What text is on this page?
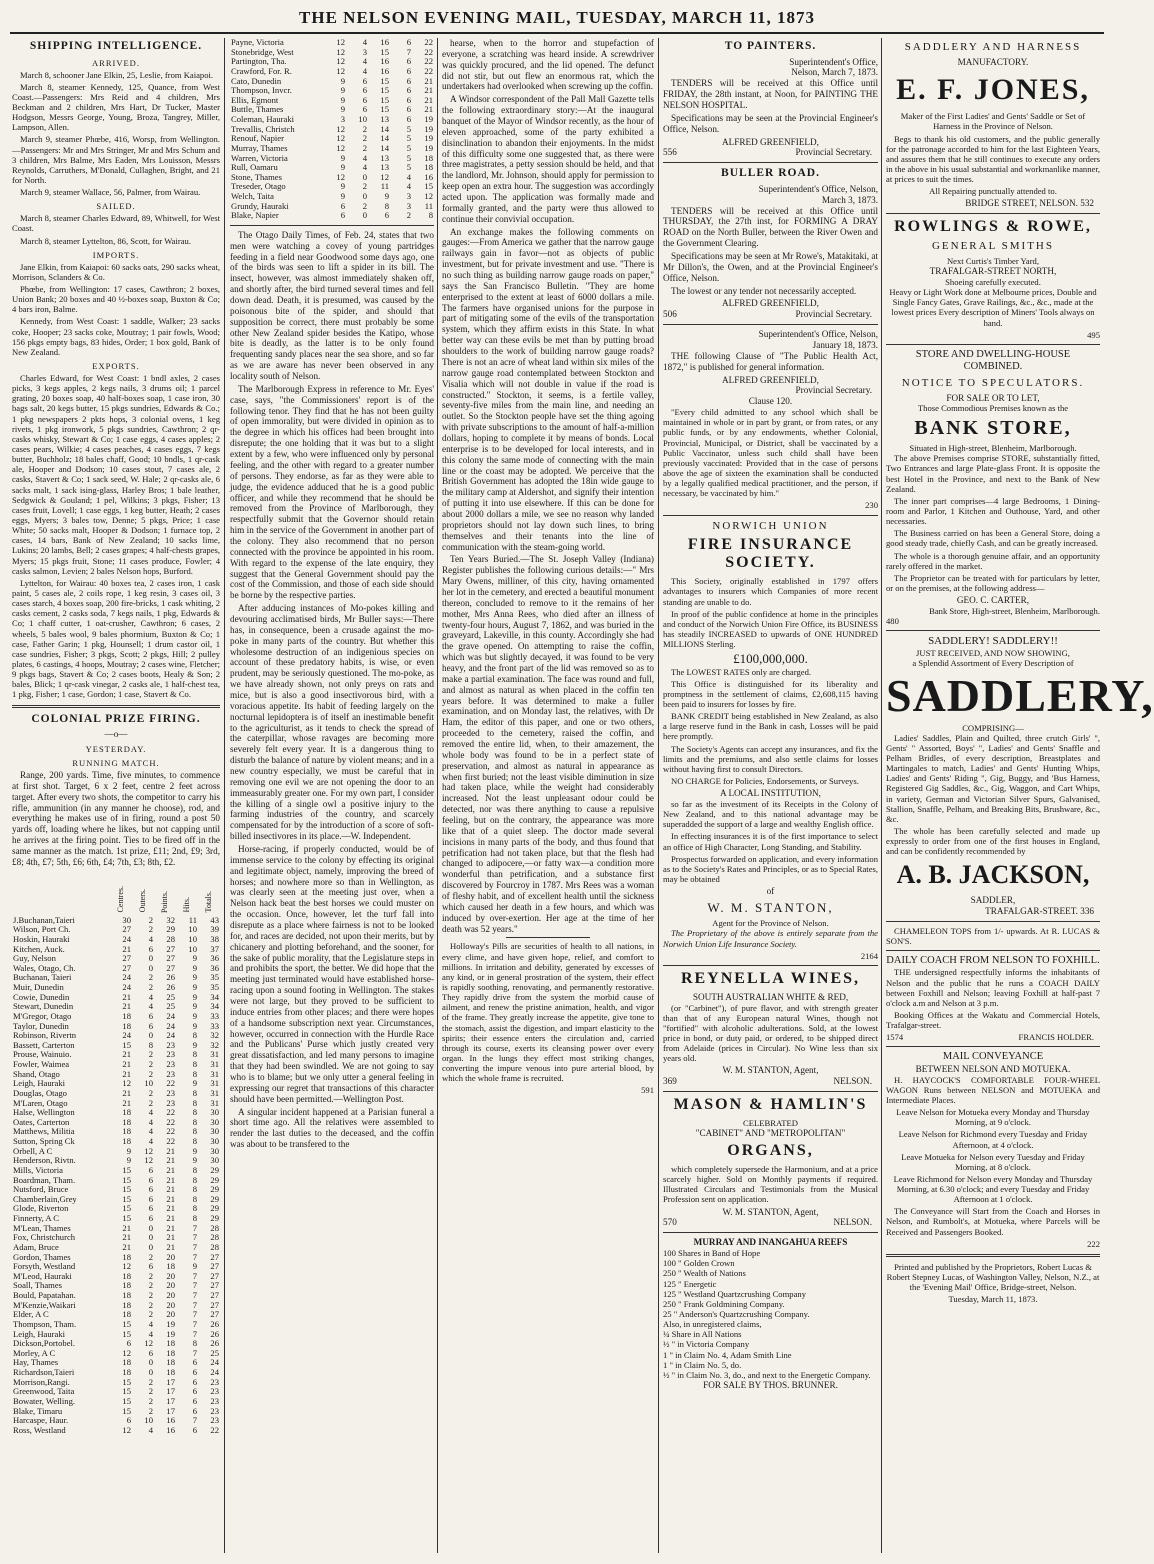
THE NELSON EVENING MAIL, TUESDAY, MARCH 11, 1873
SHIPPING INTELLIGENCE.
ARRIVED.

March 8, schooner Jane Elkin, 25, Leslie, from Kaiapoi.

March 8, steamer Kennedy, 125, Quance, from West Coast.—Passengers: Mrs Reid and 4 children, Mrs Beckman and 2 children, Mrs Hart, Dr Tucker, Master Hodgson, Messrs George, Young, Broza, Tangrey, Miller, Lampson, Allen.

March 9, steamer Phœbe, 416, Worsp, from Wellington.—Passengers: Mr and Mrs Stringer, Mr and Mrs Schum and 3 children, Mrs Balme, Mrs Eaden, Mrs Louisson, Messrs Reynolds, Carruthers, M'Donald, Cullaghen, Bright, and 21 for North.

March 9, steamer Wallace, 56, Palmer, from Wairau.

SAILED.

March 8, steamer Charles Edward, 89, Whitwell, for West Coast.

March 8, steamer Lyttelton, 86, Scott, for Wairau.

IMPORTS.

Jane Elkin, from Kaiapoi: 60 sacks oats, 290 sacks wheat, Morrison, Sclanders & Co.

Phœbe, from Wellington: 17 cases, Cawthron; 2 boxes, Union Bank; 20 boxes and 40 ½-boxes soap, Buxton & Co; 4 bars iron, Balme.

Kennedy, from West Coast: 1 saddle, Walker; 23 sacks coke, Hooper; 23 sacks coke, Moutray; 1 pair fowls, Wood; 156 pkgs empty bags, 83 hides, Order; 1 box gold, Bank of New Zealand.

EXPORTS.

Charles Edward, for West Coast: 1 bndl axles, 2 cases picks, 3 kegs apples, 2 kegs nails, 3 drums oil; 1 parcel grating, 20 boxes soap, 40 half-boxes soap, 1 case iron, 30 bags salt, 20 kegs butter, 15 pkgs sundries, Edwards & Co.; 1 pkg newspapers 2 pkts hops, 3 colonial ovens, 1 keg rivets, 1 pkg ironwork, 5 pkgs sundries, Cawthron; 2 qr-casks whisky, Stewart & Co; 1 case eggs, 4 cases apples; 2 cases pears, Wilkie; 4 cases peaches, 4 cases eggs, 7 kegs butter, Buchholz; 18 bales chaff, Good; 10 bndls, 1 qr-cask ale, Hooper and Dodson; 10 cases stout, 7 cases ale, 2 casks, Stavert & Co; 1 sack seed, W. Hale; 2 qr-casks ale, 6 sacks malt, 1 sack ising-glass, Harley Bros; 1 bale leather, Sedgwick & Gouland; 1 pel, Wilkins; 3 pkgs, Fisher; 13 cases fruit, Lovell; 1 case eggs, 1 keg butter, Heath; 2 cases eggs, Myers; 3 bales tow, Denne; 5 pkgs, Price; 1 case White; 50 sacks malt, Hooper & Dodson; 1 furnace top, 2 cases, 14 bars, Bank of New Zealand; 10 sacks lime, Lukins; 20 lambs, Bell; 2 cases grapes; 4 half-chests grapes, Myers; 15 pkgs fruit, Stone; 11 cases produce, Fowler; 4 casks salmon, Levien; 2 bales Nelson hops, Burford.

Lyttelton, for Wairau: 40 boxes tea, 2 cases iron, 1 cask paint, 5 cases ale, 2 coils rope, 1 keg resin, 3 cases oil, 3 cases starch, 4 boxes soap, 200 fire-bricks, 1 cask whiting, 2 casks cement, 2 casks soda, 7 kegs nails, 1 pkg, Edwards & Co; 1 chaff cutter, 1 oat-crusher, Cawthron; 6 cases, 2 wheels, 5 bales wool, 9 bales phormium, Buxton & Co; 1 case, Father Garin; 1 pkg, Hounsell; 1 drum castor oil, 1 case sundries, Fisher; 3 pkgs, Scott; 2 pkgs, Hill; 2 pulley plates, 6 castings, 4 hoops, Moutray; 2 cases wine, Fletcher; 9 pkgs bags, Stavert & Co; 2 cases boots, Healy & Son; 2 bales, Blick; 1 qr-cask vinegar, 2 casks ale, 1 half-chest tea, 1 pkg, Fisher; 1 case, Gordon; 1 case, Stavert & Co.

COLONIAL PRIZE FIRING.
—o—
YESTERDAY.
RUNNING MATCH.

Range, 200 yards. Time, five minutes, to commence at first shot. Target, 6 x 2 feet, centre 2 feet across target. After every two shots, the competitor to carry his rifle, ammunition (in any manner he choose), rod, and everything he makes use of in firing, round a post 50 yards off, loading where he likes, but not capping until he arrives at the firing point. Ties to be fired off in the same manner as the match. 1st prize, £11; 2nd, £9; 3rd, £8; 4th, £7; 5th, £6; 6th, £4; 7th, £3; 8th, £2.

	Centres.	Outers.	Points.	Hits.	Totals.
J.Buchanan,Taieri	30	2	32	11	43
Wilson, Port Ch.	27	2	29	10	39
Hoskin, Hauraki	24	4	28	10	38
Kitchen, Auck.	21	6	27	10	37
Guy, Nelson	27	0	27	9	36
Wales, Otago, Ch.	27	0	27	9	36
Buchanan, Taieri	24	2	26	9	35
Muir, Dunedin	24	2	26	9	35
Cowie, Dunedin	21	4	25	9	34
Stewart, Dunedin	21	4	25	9	34
M'Gregor, Otago	18	6	24	9	33
Taylor, Dunedin	18	6	24	9	33
Robinson, Rivertn	24	0	24	8	32
Bassett, Carterton	15	8	23	9	32
Prouse, Wainuio.	21	2	23	8	31
Fowler, Waimea	21	2	23	8	31
Shand, Otago	21	2	23	8	31
Leigh, Hauraki	12	10	22	9	31
Douglas, Otago	21	2	23	8	31
M'Laren, Otago	21	2	23	8	31
Halse, Wellington	18	4	22	8	30
Oates, Carterton	18	4	22	8	30
Matthews, Militia	18	4	22	8	30
Sutton, Spring Ck	18	4	22	8	30
Orbell, A C	9	12	21	9	30
Henderson, Rivtn.	9	12	21	9	30
Mills, Victoria	15	6	21	8	29
Boardman, Tham.	15	6	21	8	29
Nutsford, Bruce	15	6	21	8	29
Chamberlain,Grey	15	6	21	8	29
Glode, Riverton	15	6	21	8	29
Finnerty, A C	15	6	21	8	29
M'Lean, Thames	21	0	21	7	28
Fox, Christchurch	21	0	21	7	28
Adam, Bruce	21	0	21	7	28
Gordon, Thames	18	2	20	7	27
Forsyth, Westland	12	6	18	9	27
M'Leod, Hauraki	18	2	20	7	27
Soall, Thames	18	2	20	7	27
Bould, Papatahan.	18	2	20	7	27
M'Kenzie,Waikari	18	2	20	7	27
Elder, A C	18	2	20	7	27
Thompson, Tham.	15	4	19	7	26
Leigh, Hauraki	15	4	19	7	26
Dickson,Portobel.	6	12	18	8	26
Morley, A C	12	6	18	7	25
Hay, Thames	18	0	18	6	24
Richardson,Taieri	18	0	18	6	24
Morrison,Rangi.	15	2	17	6	23
Greenwood, Taita	15	2	17	6	23
Bowater, Welling.	15	2	17	6	23
Blake, Timaru	15	2	17	6	23
Harcaspe, Haur.	6	10	16	7	23
Ross, Westland	12	4	16	6	22
Payne, Victoria	12	4	16	6	22
Stonebridge, West	12	3	15	7	22
Partington, Tha.	12	4	16	6	22
Crawford, For. R.	12	4	16	6	22
Cato, Dunedin	9	6	15	6	21
Thompson, Invcr.	9	6	15	6	21
Ellis, Egmont	9	6	15	6	21
Buttle, Thames	9	6	15	6	21
Coleman, Hauraki	3	10	13	6	19
Trevallis, Christch	12	2	14	5	19
Renouf, Napier	12	2	14	5	19
Murray, Thames	12	2	14	5	19
Warren, Victoria	9	4	13	5	18
Rull, Oamaru	9	4	13	5	18
Stone, Thames	12	0	12	4	16
Treseder, Otago	9	2	11	4	15
Welch, Taita	9	0	9	3	12
Grundy, Hauraki	6	2	8	3	11
Blake, Napier	6	0	6	2	8

The Otago Daily Times, of Feb. 24, states that two men were watching a covey of young partridges feeding in a field near Goodwood some days ago, one of the birds was seen to lift a spider in its bill. The insect, however, was almost immediately shaken off, and shortly after, the bird turned several times and fell down dead. Death, it is presumed, was caused by the poisonous bite of the spider, and should that supposition be correct, there must probably be some other New Zealand spider besides the Katipo, whose bite is deadly, as the latter is to be only found frequenting sandy places near the sea shore, and so far as we are aware has never been observed in any locality south of Nelson.

The Marlborough Express in reference to Mr. Eyes' case, says, "the Commissioners' report is of the following tenor. They find that he has not been guilty of open immorality, but were divided in opinion as to the degree in which his offices had been brought into disrepute; the one holding that it was but to a slight extent by a few, who were influenced only by personal feeling, and the other with regard to a greater number of persons. They endorse, as far as they were able to judge, the evidence adduced that he is a good public officer, and while they recommend that he should be removed from the Province of Marlborough, they respectfully submit that the Governor should retain him in the service of the Government in another part of the colony. They also recommend that no person connected with the province be appointed in his room. With regard to the expense of the late enquiry, they suggest that the General Government should pay the cost of the Commission, and those of each side should be borne by the respective parties.

After adducing instances of Mo-pokes killing and devouring acclimatised birds, Mr Buller says:—There has, in consequence, been a crusade against the mo-poke in many parts of the country. But whether this wholesome destruction of an indigenious species on account of these predatory habits, is wise, or even prudent, may be seriously questioned. The mo-poke, as we have already shown, not only preys on rats and mice, but is also a good insectivorous bird, with a voracious appetite. Its habit of feeding largely on the nocturnal lepidoptera is of itself an inestimable benefit to the agriculturist, as it tends to check the spread of the caterpillar, whose ravages are becoming more severely felt every year. It is a dangerous thing to disturb the balance of nature by violent means; and in a new country especially, we must be careful that in removing one evil we are not opening the door to an immeasurably greater one. For my own part, I consider the killing of a single owl a positive injury to the farming industries of the country, and scarcely compensated for by the introduction of a score of soft-billed insectivores in its place.—W. Independent.

Horse-racing, if properly conducted, would be of immense service to the colony by effecting its original and legitimate object, namely, improving the breed of horses; and nowhere more so than in Wellington, as was clearly seen at the meeting just over, when a Nelson hack beat the best horses we could muster on the occasion. Once, however, let the turf fall into disrepute as a place where fairness is not to be looked for, and races are decided, not upon their merits, but by chicanery and plotting beforehand, and the sooner, for the sake of public morality, that the Legislature steps in and prohibits the sport, the better. We did hope that the meeting just terminated would have established horse-racing upon a sound footing in Wellington. The stakes were not large, but they proved to be sufficient to induce entries from other places; and there were hopes of a handsome subscription next year. Circumstances, however, occurred in connection with the Hurdle Race and the Publicans' Purse which justly created very great dissatisfaction, and led many persons to imagine that they had been swindled. We are not going to say who is to blame; but we only utter a general feeling in expressing our regret that transactions of this character should have been permitted.—Wellington Post.

A singular incident happened at a Parisian funeral a short time ago. All the relatives were assembled to render the last duties to the deceased, and the coffin was about to be transfered to the

hearse, when to the horror and stupefaction of everyone, a scratching was heard inside. A screwdriver was quickly procured, and the lid opened. The defunct did not stir, but out flew an enormous rat, which the undertakers had overlooked when screwing up the coffin.

A Windsor correspondent of the Pall Mall Gazette tells the following extraordinary story:—At the inaugural banquet of the Mayor of Windsor recently, as the hour of eleven approached, some of the party exhibited a disinclination to abandon their enjoyments. In the midst of this difficulty some one suggested that, as there were three magistrates, a petty session should be held, and that the landlord, Mr. Johnson, should apply for permission to keep open an extra hour. The suggestion was accordingly acted upon. The application was formally made and formally granted, and the party were thus allowed to continue their convivial occupation.

An exchange makes the following comments on gauges:—From America we gather that the narrow gauge railways gain in favor—not as objects of public investment, but for private investment and use. "There is no such thing as building narrow gauge roads on paper," says the San Francisco Bulletin. "They are home enterprised to the extent at least of 6000 dollars a mile. The farmers have organised unions for the purpose in part of mitigating some of the evils of the transportation system, which they affirm exists in this State. In what better way can these evils be met than by putting broad shoulders to the work of building narrow gauge roads? There is not an acre of wheat land within six miles of the narrow gauge road contemplated between Stockton and Visalia which will not double in value if the road is constructed." Stockton, it seems, is a fertile valley, seventy-five miles from the main line, and needing an outlet. So the Stockton people have set the thing agoing with private subscriptions to the amount of half-a-million dollars, hoping to complete it by means of bonds. Local enterprise is to be developed for local interests, and in this colony the same mode of connecting with the main line or the coast may be adopted. We perceive that the British Government has adopted the 18in wide gauge to the military camp at Aldershot, and signify their intention of putting it into use elsewhere. If this can be done for about 2000 dollars a mile, we see no reason why landed proprietors should not lay down such lines, to bring themselves and their tenants into the line of communication with the steam-going world.

Ten Years Buried.—The St. Joseph Valley (Indiana) Register publishes the following curious details:—" Mrs Mary Owens, milliner, of this city, having ornamented her lot in the cemetery, and erected a beautiful monument thereon, concluded to remove to it the remains of her mother, Mrs Anna Rees, who died after an illness of twenty-four hours, August 7, 1862, and was buried in the graveyard, Lakeville, in this county. Accordingly she had the grave opened. On attempting to raise the coffin, which was but slightly decayed, it was found to be very heavy, and the front part of the lid was removed so as to make a partial examination. The face was round and full, and almost as natural as when placed in the coffin ten years before. It was determined to make a fuller examination, and on Monday last, the relatives, with Dr Ham, the editor of this paper, and one or two others, proceeded to the cemetery, raised the coffin, and removed the entire lid, when, to their amazement, the whole body was found to be in a perfect state of preservation, and almost as natural in appearance as when first buried; not the least visible diminution in size had taken place, while the weight had considerably increased. Not the least unpleasant odour could be detected, nor was there anything to cause a repulsive feeling, but on the contrary, the appearance was more like that of a quiet sleep. The doctor made several incisions in many parts of the body, and thus found that petrification had not taken place, but that the flesh had changed to adipocere,—or fatty wax—a condition more wonderful than petrification, and a substance first discovered by Fourcroy in 1787. Mrs Rees was a woman of fleshy habit, and of excellent health until the sickness which caused her death in a few hours, and which was induced by over-exertion. Her age at the time of her death was 52 years."

Holloway's Pills are securities of health to all nations, in every clime, and have given hope, relief, and comfort to millions. In irritation and debility, generated by excesses of any kind, or in general prostration of the system, their effect is rapidly soothing, renovating, and permanently restorative. They rapidly drive from the system the morbid cause of ailment, and renew the pristine animation, health, and vigor of the frame. They greatly increase the appetite, give tone to the stomach, assist the digestion, and impart elasticity to the spirits; their essence enters the circulation and, carried through its course, exerts its cleansing power over every organ. In the lungs they effect most striking changes, converting the impure venous into pure arterial blood, by which the whole frame is recruited.

591
TO PAINTERS.
Superintendent's Office,
Nelson, March 7, 1873.

TENDERS will be received at this Office until FRIDAY, the 28th instant, at Noon, for PAINTING THE NELSON HOSPITAL.

Specifications may be seen at the Provincial Engineer's Office, Nelson.

ALFRED GREENFIELD,
556	Provincial Secretary.
BULLER ROAD.
Superintendent's Office, Nelson,
March 3, 1873.

TENDERS will be received at this Office until THURSDAY, the 27th inst, for FORMING A DRAY ROAD on the North Buller, between the River Owen and the Government Clearing.

Specifications may be seen at Mr Rowe's, Matakitaki, at Mr Dillon's, the Owen, and at the Provincial Engineer's Office, Nelson.

The lowest or any tender not necessarily accepted.

ALFRED GREENFIELD,
506	Provincial Secretary.
Superintendent's Office, Nelson,
January 18, 1873.

THE following Clause of "The Public Health Act, 1872," is published for general information.

ALFRED GREENFIELD,
Provincial Secretary.
Clause 120.

"Every child admitted to any school which shall be maintained in whole or in part by grant, or from rates, or any public funds, or by any endowments, whether Colonial, Provincial, Municipal, or District, shall be vaccinated by a Public Vaccinator, unless such child shall have been previously vaccinated: Provided that in the case of persons above the age of sixteen the examination shall be conducted by a legally qualified medical practitioner, and the person, if necessary, be vaccinated by him."

230
NORWICH UNION
FIRE INSURANCE SOCIETY.

This Society, originally established in 1797 offers advantages to insurers which Companies of more recent standing are unable to do.

In proof of the public confidence at home in the principles and conduct of the Norwich Union Fire Office, its BUSINESS has steadily INCREASED to upwards of ONE HUNDRED MILLIONS Sterling.

£100,000,000.

The LOWEST RATES only are charged.

This Office is distinguished for its liberality and promptness in the settlement of claims, £2,608,115 having been paid to insurers for losses by fire.

BANK CREDIT being established in New Zealand, as also a large reserve fund in the Bank in cash, Losses will be paid here promptly.

The Society's Agents can accept any insurances, and fix the limits and the premiums, and also settle claims for losses without having first to consult Directors.

NO CHARGE for Policies, Endorsements, or Surveys.

A LOCAL INSTITUTION,

so far as the investment of its Receipts in the Colony of New Zealand, and to this national advantage may be superadded the support of a large and wealthy English office.

In effecting insurances it is of the first importance to select an office of High Character, Long Standing, and Stability.

Prospectus forwarded on application, and every information as to the Society's Rates and Principles, or as to Special Rates, may be obtained

of
W. M. STANTON,
Agent for the Province of Nelson.

The Proprietary of the above is entirely separate from the Norwich Union Life Insurance Society.

2164
REYNELLA WINES,
SOUTH AUSTRALIAN WHITE & RED,

(or "Carbinet"), of pure flavor, and with strength greater than that of any European natural Wines, though not "fortified" with alcoholic adulterations. Sold, at the lowest price in bond, or duty paid, or ordered, to be shipped direct from Adelaide (prices in Circular). No Wine less than six years old.

W. M. STANTON, Agent,
369	NELSON.
MASON & HAMLIN'S
CELEBRATED
"CABINET" AND "METROPOLITAN"
ORGANS,

which completely supersede the Harmonium, and at a price scarcely higher. Sold on Monthly payments if required. Illustrated Circulars and Testimonials from the Musical Profession sent on application.

W. M. STANTON, Agent,
570	NELSON.
MURRAY AND INANGAHUA REEFS
100 Shares in Band of Hope
100 " Golden Crown
250 " Wealth of Nations
125 " Energetic
125 " Westland Quartzcrushing Company
250 " Frank Goldmining Company.
25 " Anderson's Quartzcrushing Company.
Also, in unregistered claims,
¼ Share in All Nations
½ " in Victoria Company
1 " in Claim No. 4, Adam Smith Line
1 " in Claim No. 5, do.
½ " in Claim No. 3, do., and next to the Energetic Company.
FOR SALE BY THOS. BRUNNER.
SADDLERY AND HARNESS
MANUFACTORY.
E. F. JONES,

Maker of the First Ladies' and Gents' Saddle or Set of Harness in the Province of Nelson.

Begs to thank his old customers, and the public generally for the patronage accorded to him for the last Eighteen Years, and assures them that he still continues to execute any orders in the above in his usual substantial and workmanlike manner, at prices to suit the times.

All Repairing punctually attended to.

BRIDGE STREET, NELSON. 532
ROWLINGS & ROWE,
GENERAL SMITHS
Next Curtis's Timber Yard,
TRAFALGAR-STREET NORTH,
Shoeing carefully executed.

Heavy or Light Work done at Melbourne prices, Double and Single Fancy Gates, Grave Railings, &c., &c., made at the lowest prices Every description of Miners' Tools always on hand.

495
STORE AND DWELLING-HOUSE COMBINED.
NOTICE TO SPECULATORS.
FOR SALE OR TO LET,
Those Commodious Premises known as the
BANK STORE,
Situated in High-street, Blenheim, Marlborough.

The above Premises comprise STORE, substantially fitted, Two Entrances and large Plate-glass Front. It is opposite the best Hotel in the Province, and next to the Bank of New Zealand.

The inner part comprises—4 large Bedrooms, 1 Dining-room and Parlor, 1 Kitchen and Outhouse, Yard, and other necessaries.

The Business carried on has been a General Store, doing a good steady trade, chiefly Cash, and can be greatly increased.

The whole is a thorough genuine affair, and an opportunity rarely offered in the market.

The Proprietor can be treated with for particulars by letter, or on the premises, at the following address—

GEO. C. CARTER,
Bank Store, High-street, Blenheim, Marlborough.
480
SADDLERY! SADDLERY!!
JUST RECEIVED, AND NOW SHOWING,
a Splendid Assortment of Every Description of
SADDLERY,
COMPRISING—

Ladies' Saddles, Plain and Quilted, three crutch Girls' ", Gents' " Assorted, Boys' ", Ladies' and Gents' Snaffle and Pelham Bridles, of every description, Breastplates and Martingales to match, Ladies' and Gents' Hunting Whips, Ladies' and Gents' Riding ", Gig, Buggy, and 'Bus Harness, Registered Gig Saddles, &c., Gig, Waggon, and Cart Whips, in variety, German and Victorian Silver Spurs, Galvanised, Stallion, Snaffle, Pelham, and Breaking Bits, Brushware, &c., &c.

The whole has been carefully selected and made up expressly to order from one of the first houses in England, and can be confidently recommended by

A. B. JACKSON,
SADDLER,
TRAFALGAR-STREET. 336

CHAMELEON TOPS from 1/- upwards. At R. LUCAS & SON'S.

DAILY COACH FROM NELSON TO FOXHILL.

THE undersigned respectfully informs the inhabitants of Nelson and the public that he runs a COACH DAILY between Foxhill and Nelson; leaving Foxhill at half-past 7 o'clock a.m and Nelson at 3 p.m.

Booking Offices at the Wakatu and Commercial Hotels, Trafalgar-street.

1574	FRANCIS HOLDER.
MAIL CONVEYANCE
BETWEEN NELSON AND MOTUEKA.

H. HAYCOCK'S COMFORTABLE FOUR-WHEEL WAGON Runs between NELSON and MOTUEKA and Intermediate Places.

Leave Nelson for Motueka every Monday and Thursday Morning, at 9 o'clock.

Leave Nelson for Richmond every Tuesday and Friday Afternoon, at 4 o'clock.

Leave Motueka for Nelson every Tuesday and Friday Morning, at 8 o'clock.

Leave Richmond for Nelson every Monday and Thursday Morning, at 6.30 o'clock; and every Tuesday and Friday Afternoon at 1 o'clock.

The Conveyance will Start from the Coach and Horses in Nelson, and Rumbolt's, at Motueka, where Parcels will be Received and Passengers Booked.

222

Printed and published by the Proprietors, Robert Lucas & Robert Stepney Lucas, of Washington Valley, Nelson, N.Z., at the 'Evening Mail' Office, Bridge-street, Nelson.

Tuesday, March 11, 1873.
